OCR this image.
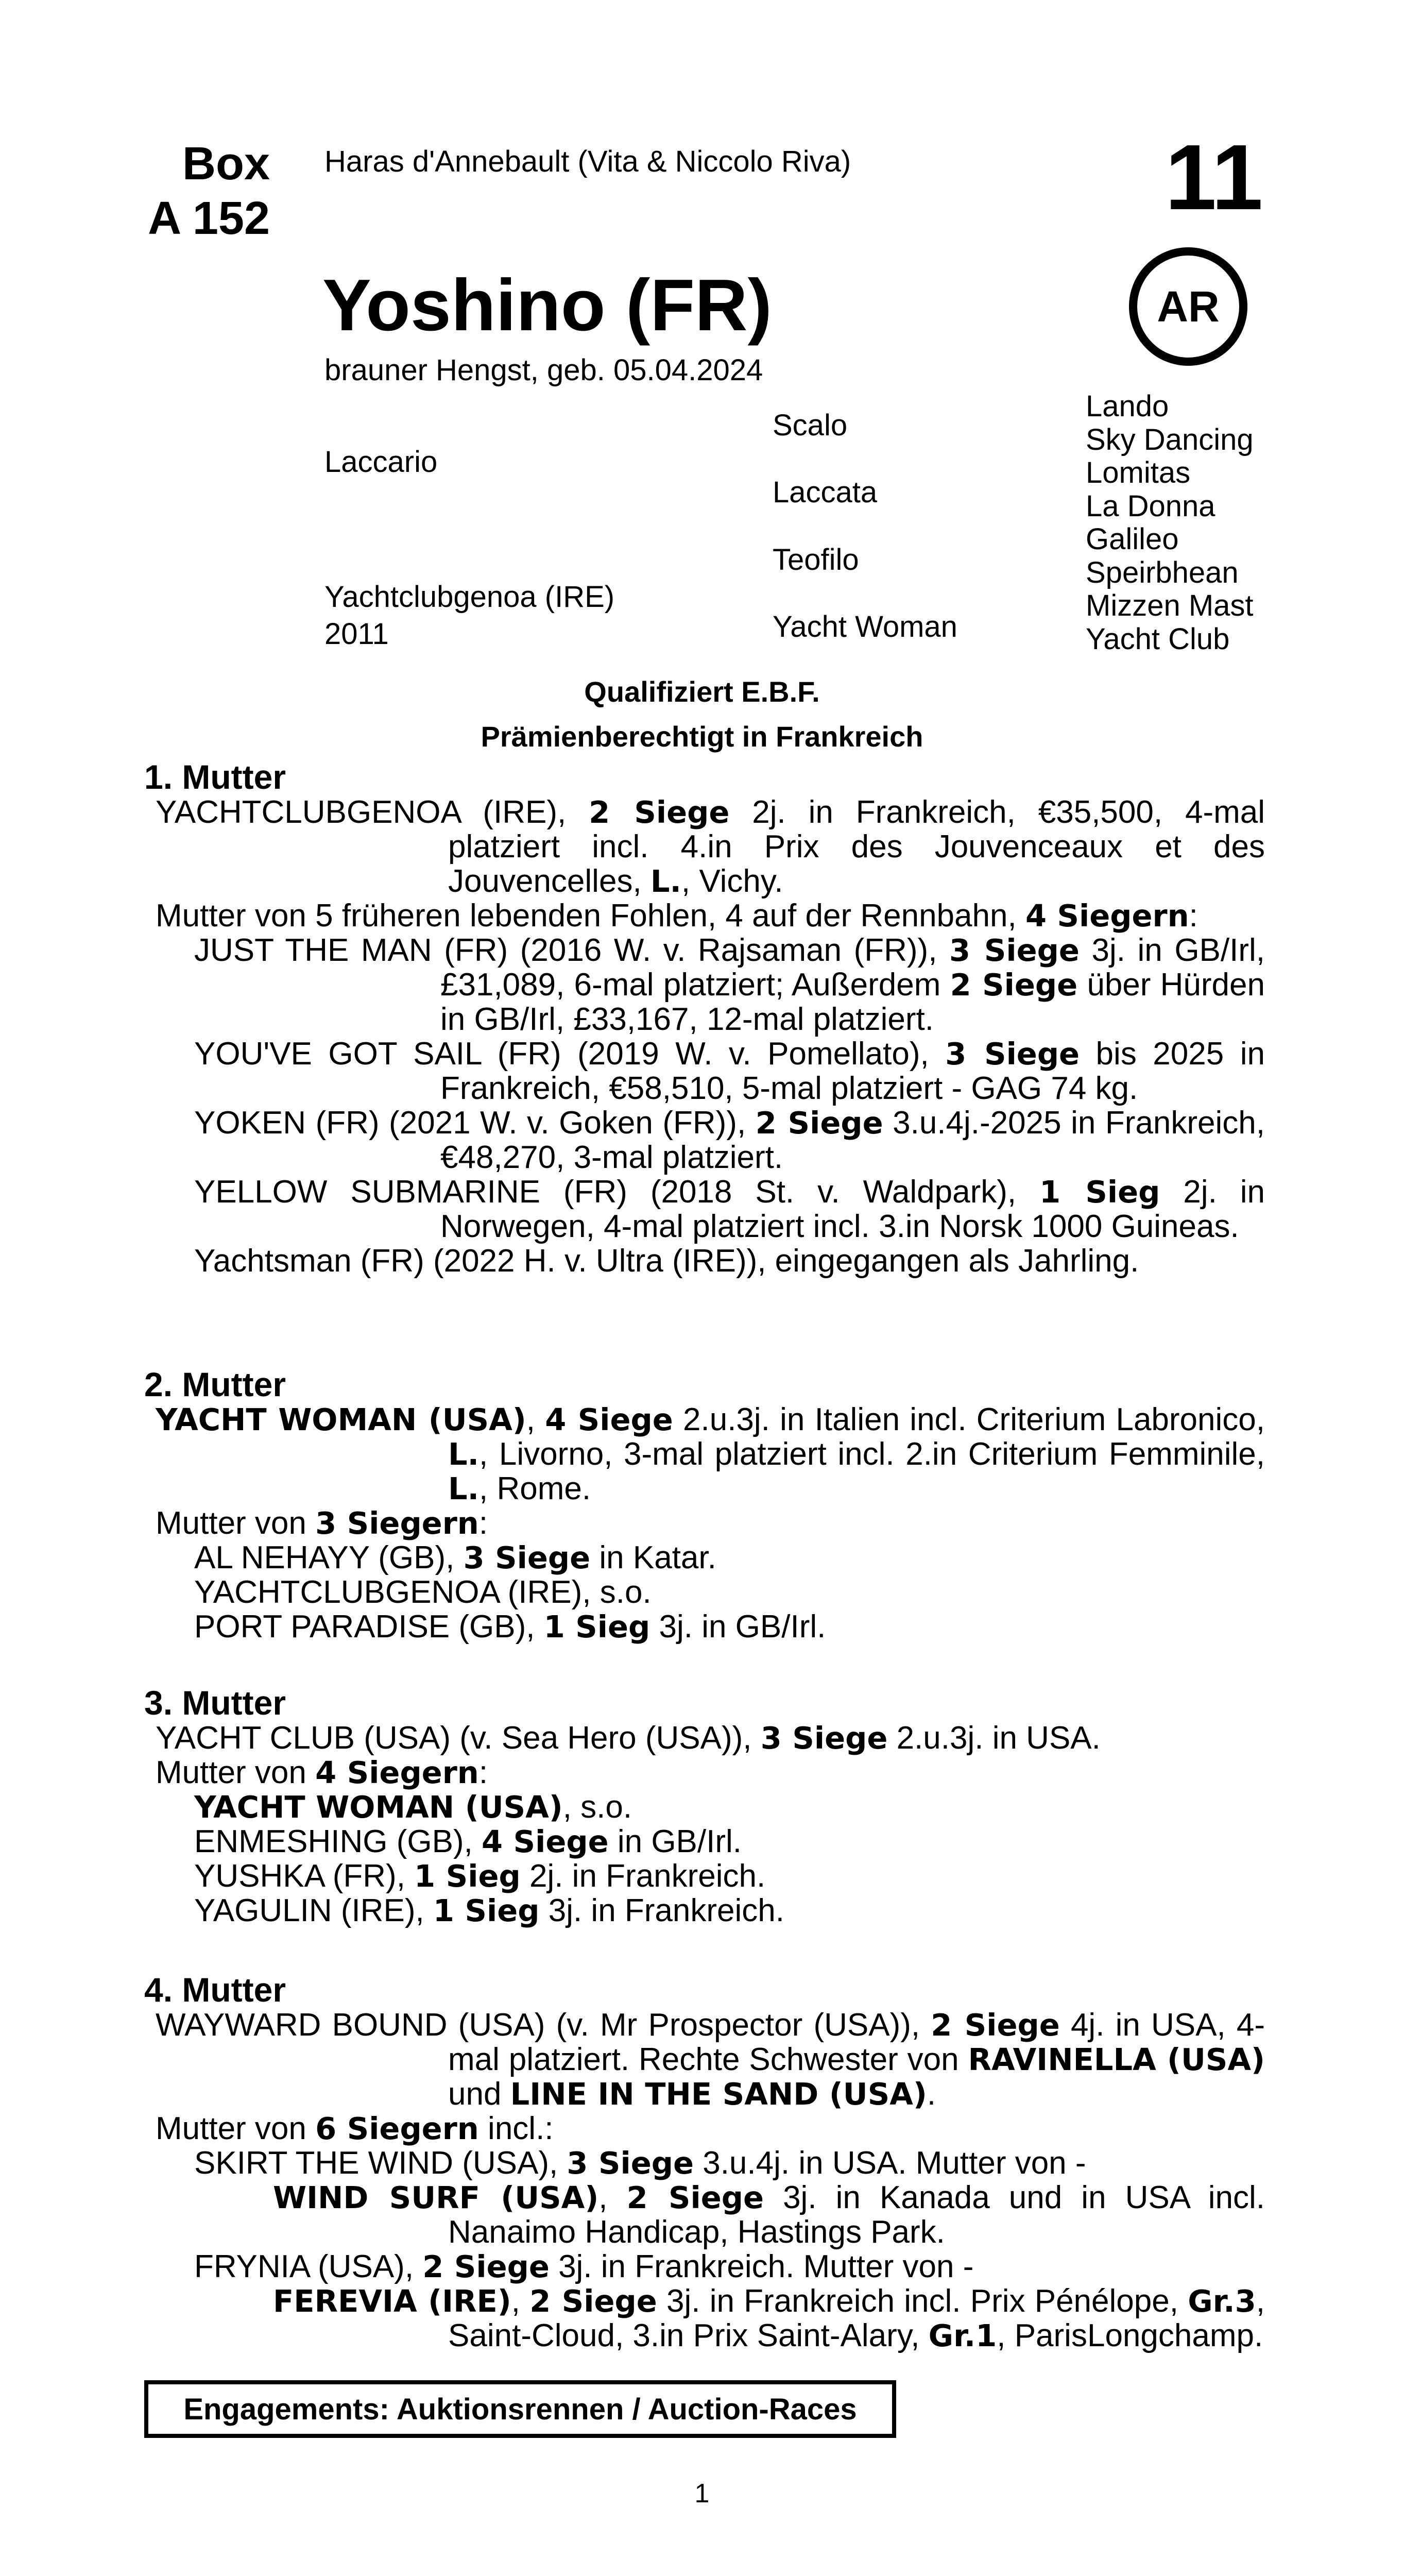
Box
A 152
Haras d'Annebault (Vita & Niccolo Riva)	11
AR
Yoshino (FR)
brauner Hengst, geb. 05.04.2024
Laccario
Yachtclubgenoa (IRE)
2011
Scalo
Laccata
Teofilo
Yacht Woman
Lando
Sky Dancing
Lomitas
La Donna
Galileo
Speirbhean
Mizzen Mast
Yacht Club
Qualifiziert E.B.F.
Prämienberechtigt in Frankreich
1. Mutter

YACHTCLUBGENOA (IRE), 2 Siege 2j. in Frankreich, €35,500, 4-mal platziert incl. 4.in Prix des Jouvenceaux et des Jouvencelles, L., Vichy.

Mutter von 5 früheren lebenden Fohlen, 4 auf der Rennbahn, 4 Siegern:

JUST THE MAN (FR) (2016 W. v. Rajsaman (FR)), 3 Siege 3j. in GB/Irl, £31,089, 6-mal platziert; Außerdem 2 Siege über Hürden in GB/Irl, £33,167, 12-mal platziert.

YOU'VE GOT SAIL (FR) (2019 W. v. Pomellato), 3 Siege bis 2025 in Frankreich, €58,510, 5-mal platziert - GAG 74 kg.

YOKEN (FR) (2021 W. v. Goken (FR)), 2 Siege 3.u.4j.-2025 in Frankreich, €48,270, 3-mal platziert.

YELLOW SUBMARINE (FR) (2018 St. v. Waldpark), 1 Sieg 2j. in Norwegen, 4-mal platziert incl. 3.in Norsk 1000 Guineas.

Yachtsman (FR) (2022 H. v. Ultra (IRE)), eingegangen als Jahrling.

2. Mutter

YACHT WOMAN (USA), 4 Siege 2.u.3j. in Italien incl. Criterium Labronico, L., Livorno, 3-mal platziert incl. 2.in Criterium Femminile, L., Rome.

Mutter von 3 Siegern:

AL NEHAYY (GB), 3 Siege in Katar.

YACHTCLUBGENOA (IRE), s.o.

PORT PARADISE (GB), 1 Sieg 3j. in GB/Irl.

3. Mutter

YACHT CLUB (USA) (v. Sea Hero (USA)), 3 Siege 2.u.3j. in USA.

Mutter von 4 Siegern:

YACHT WOMAN (USA), s.o.

ENMESHING (GB), 4 Siege in GB/Irl.

YUSHKA (FR), 1 Sieg 2j. in Frankreich.

YAGULIN (IRE), 1 Sieg 3j. in Frankreich.

4. Mutter

WAYWARD BOUND (USA) (v. Mr Prospector (USA)), 2 Siege 4j. in USA, 4-mal platziert. Rechte Schwester von RAVINELLA (USA) und LINE IN THE SAND (USA).

Mutter von 6 Siegern incl.:

SKIRT THE WIND (USA), 3 Siege 3.u.4j. in USA. Mutter von -

WIND SURF (USA), 2 Siege 3j. in Kanada und in USA incl. Nanaimo Handicap, Hastings Park.

FRYNIA (USA), 2 Siege 3j. in Frankreich. Mutter von -

FEREVIA (IRE), 2 Siege 3j. in Frankreich incl. Prix Pénélope, Gr.3, Saint-Cloud, 3.in Prix Saint-Alary, Gr.1, ParisLongchamp.

Engagements: Auktionsrennen / Auction-Races
1
